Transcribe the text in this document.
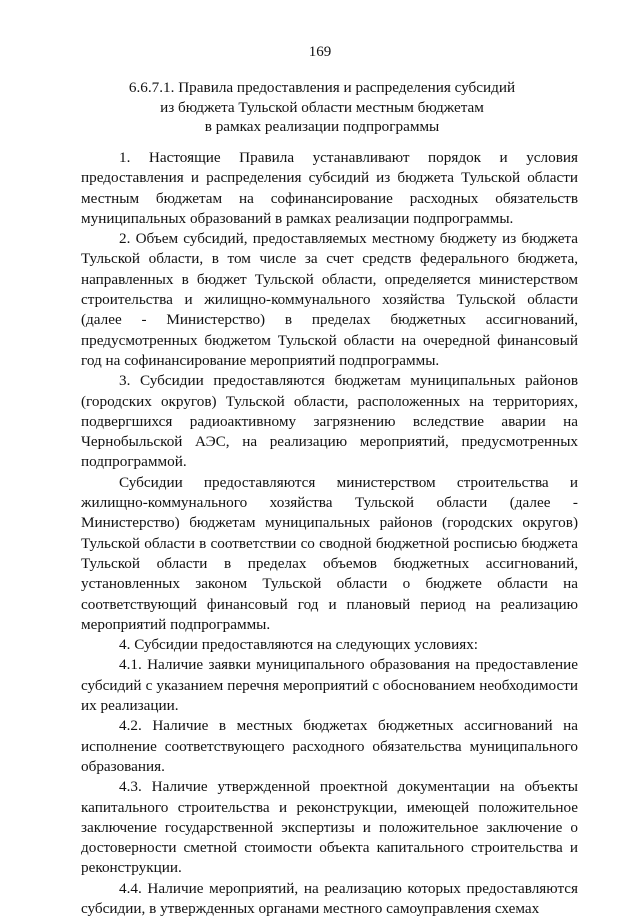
169
6.6.7.1. Правила предоставления и распределения субсидий
из бюджета Тульской области местным бюджетам
в рамках реализации подпрограммы

1. Настоящие Правила устанавливают порядок и условия предоставления и распределения субсидий из бюджета Тульской области местным бюджетам на софинансирование расходных обязательств муниципальных образований в рамках реализации подпрограммы.

2. Объем субсидий, предоставляемых местному бюджету из бюджета Тульской области, в том числе за счет средств федерального бюджета, направленных в бюджет Тульской области, определяется министерством строительства и жилищно-коммунального хозяйства Тульской области (далее - Министерство) в пределах бюджетных ассигнований, предусмотренных бюджетом Тульской области на очередной финансовый год на софинансирование мероприятий подпрограммы.

3. Субсидии предоставляются бюджетам муниципальных районов (городских округов) Тульской области, расположенных на территориях, подвергшихся радиоактивному загрязнению вследствие аварии на Чернобыльской АЭС, на реализацию мероприятий, предусмотренных подпрограммой.

Субсидии предоставляются министерством строительства и жилищно-коммунального хозяйства Тульской области (далее - Министерство) бюджетам муниципальных районов (городских округов) Тульской области в соответствии со сводной бюджетной росписью бюджета Тульской области в пределах объемов бюджетных ассигнований, установленных законом Тульской области о бюджете области на соответствующий финансовый год и плановый период на реализацию мероприятий подпрограммы.

4. Субсидии предоставляются на следующих условиях:

4.1. Наличие заявки муниципального образования на предоставление субсидий с указанием перечня мероприятий с обоснованием необходимости их реализации.

4.2. Наличие в местных бюджетах бюджетных ассигнований на исполнение соответствующего расходного обязательства муниципального образования.

4.3. Наличие утвержденной проектной документации на объекты капитального строительства и реконструкции, имеющей положительное заключение государственной экспертизы и положительное заключение о достоверности сметной стоимости объекта капитального строительства и реконструкции.

4.4. Наличие мероприятий, на реализацию которых предоставляются субсидии, в утвержденных органами местного самоуправления схемах
